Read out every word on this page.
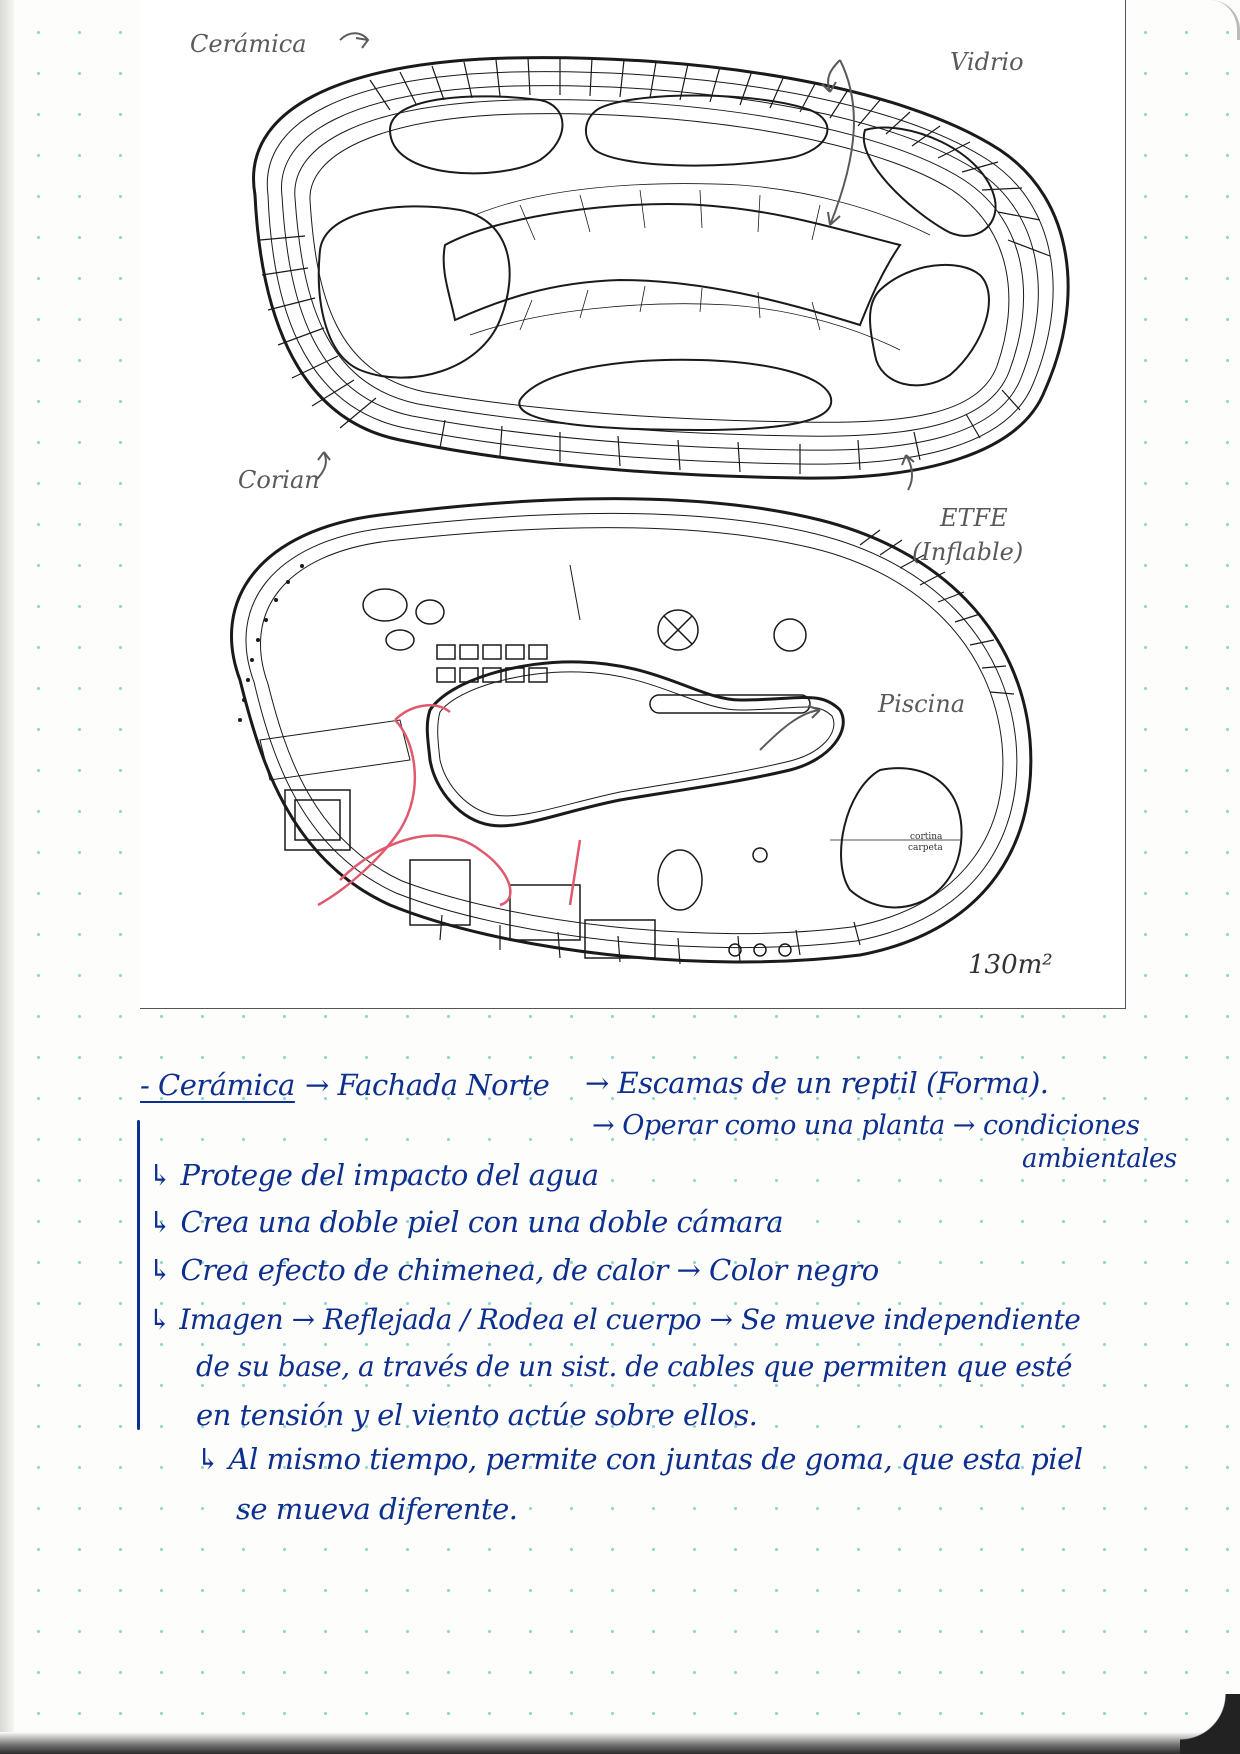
Cerámica
Vidrio
Corian
ETFE
(Inflable)
Piscina
130m²
cortina
carpeta
- Cerámica → Fachada Norte → Escamas de un reptil (Forma).
→ Operar como una planta → condiciones
ambientales
↳ Protege del impacto del agua
↳ Crea una doble piel con una doble cámara
↳ Crea efecto de chimenea, de calor → Color negro
↳ Imagen → Reflejada / Rodea el cuerpo → Se mueve independiente
de su base, a través de un sist. de cables que permiten que esté
en tensión y el viento actúe sobre ellos.
↳ Al mismo tiempo, permite con juntas de goma, que esta piel
se mueva diferente.
